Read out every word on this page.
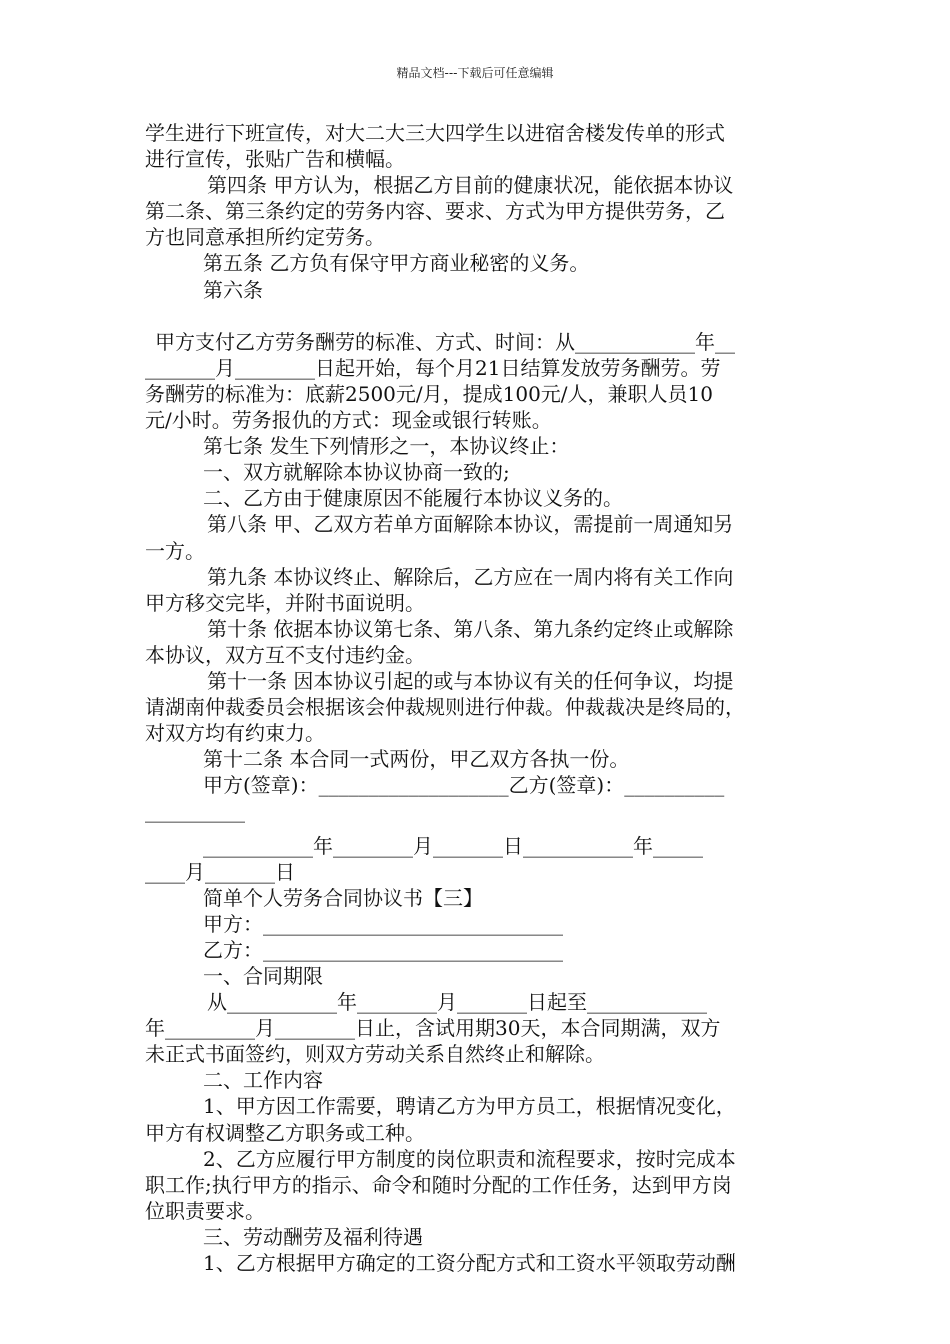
精品文档---下载后可任意编辑
学生进行下班宣传，对大二大三大四学生以进宿舍楼发传单的形式
进行宣传，张贴广告和横幅。
第四条 甲方认为，根据乙方目前的健康状况，能依据本协议
第二条、第三条约定的劳务内容、要求、方式为甲方提供劳务，乙
方也同意承担所约定劳务。
第五条 乙方负有保守甲方商业秘密的义务。
第六条
甲方支付乙方劳务酬劳的标准、方式、时间：从____________年__
_______月________日起开始，每个月21日结算发放劳务酬劳。劳
务酬劳的标准为：底薪2500元/月，提成100元/人，兼职人员10
元/小时。劳务报仇的方式：现金或银行转账。
第七条 发生下列情形之一，本协议终止：
一、双方就解除本协议协商一致的;
二、乙方由于健康原因不能履行本协议义务的。
第八条 甲、乙双方若单方面解除本协议，需提前一周通知另
一方。
第九条 本协议终止、解除后，乙方应在一周内将有关工作向
甲方移交完毕，并附书面说明。
第十条 依据本协议第七条、第八条、第九条约定终止或解除
本协议，双方互不支付违约金。
第十一条 因本协议引起的或与本协议有关的任何争议，均提
请湖南仲裁委员会根据该会仲裁规则进行仲裁。仲裁裁决是终局的，
对双方均有约束力。
第十二条 本合同一式两份，甲乙双方各执一份。
甲方(签章)：___________________乙方(签章)：__________
__________
___________年________月_______日___________年_____
____月_______日
简单个人劳务合同协议书【三】
甲方：______________________________
乙方：______________________________
一、合同期限
从___________年________月_______日起至____________
年_________月________日止，含试用期30天，本合同期满，双方
未正式书面签约，则双方劳动关系自然终止和解除。
二、工作内容
1、甲方因工作需要，聘请乙方为甲方员工，根据情况变化，
甲方有权调整乙方职务或工种。
2、乙方应履行甲方制度的岗位职责和流程要求，按时完成本
职工作;执行甲方的指示、命令和随时分配的工作任务，达到甲方岗
位职责要求。
三、劳动酬劳及福利待遇
1、乙方根据甲方确定的工资分配方式和工资水平领取劳动酬
